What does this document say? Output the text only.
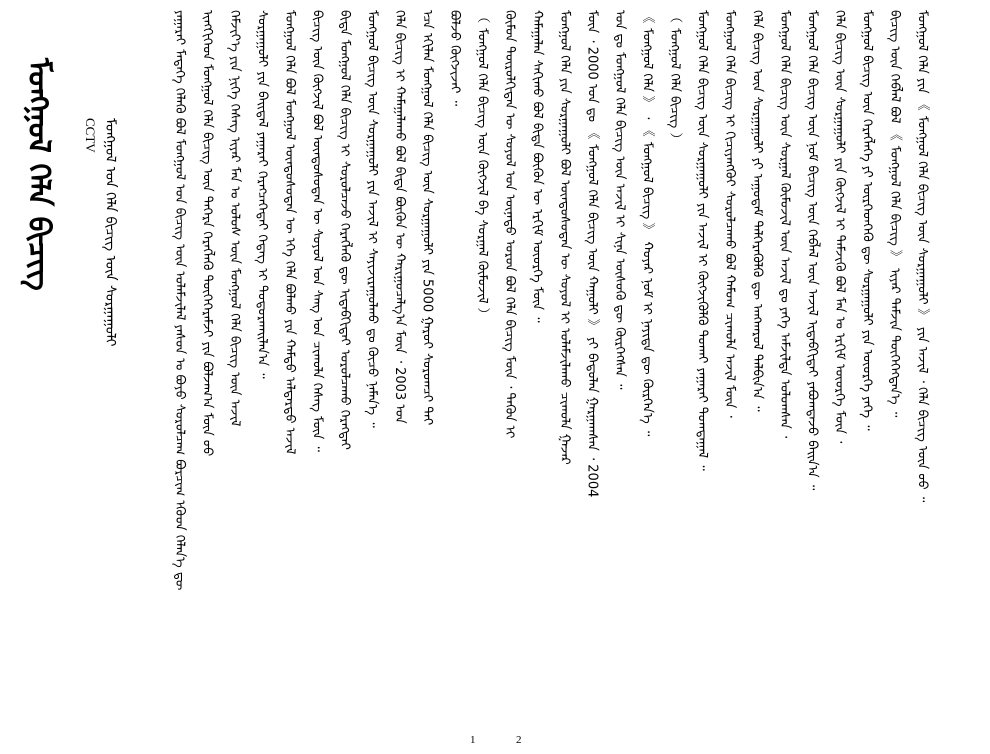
ᠮᠣᠩᠭᠣᠯ ᠬᠡᠯᠡ ᠪᠢᠴᠢᠭ CCTV ᠮᠣᠩᠭᠣᠯ ᠤᠨ ᠬᠡᠯᠡ ᠪᠢᠴᠢᠭ ᠦᠨ ᠰᠤᠷᠭᠠᠭᠤᠯᠢ	ᠶᠠᠭᠠᠷᠠᠢ ᠮᠡᠳᠡᠭᠡ ᠬᠡᠯᠡᠬᠦ ᠪᠣᠯ ᠮᠣᠩᠭᠣᠯ ᠤᠨ ᠪᠢᠴᠢᠭ ᠦᠨ ᠤᠯᠠᠮᠵᠢᠯᠠᠯ ᠶᠠᠰᠤᠨ ᠤ ᠪᠤᠶᠤ ᠰᠤᠷᠤᠯᠴᠠᠭ ᠪᠤᠷᠴᠢᠭ ᠡᠭᠦᠳ ᠬᠡᠯᠡᠨ᠎ᠡ ᠳᠦ ᠢᠨᠭᠬᠢᠭᠡᠳ ᠮᠣᠩᠭᠣᠯ ᠬᠡᠯᠡ ᠪᠢᠴᠢᠭ ᠦᠨ ᠳᠡᠭᠡᠷᠡ ᠬᠡᠷᠡᠭᠯᠡᠬᠦ ᠲᠥᠬᠡᠭᠡᠷᠡᠮᠵᠢ ᠶᠢᠨ ᠪᠣᠯᠵᠠᠭ᠎ᠠ ᠮᠥᠨ ᠤᠤ ᠬᠡᠮᠵᠢᠶ᠎ᠡ ᠶᠢᠨ ᠨᠢᠭᠡ ᠬᠡᠰᠡᠭ ᠢᠶᠡᠷ ᠮᠠᠨ ᠤ ᠤᠯᠤᠰ ᠦᠨ ᠮᠣᠩᠭᠣᠯ ᠬᠡᠯᠡ ᠪᠢᠴᠢᠭ ᠦᠨ ᠠᠵᠢᠯ ᠰᠤᠷᠭᠠᠭᠤᠯᠢ ᠶᠢᠨ ᠪᠠᠢᠳᠠᠯ ᠶᠠᠭᠠᠷᠠᠢ ᠬᠡᠷᠡᠭᠴᠡᠭᠡᠲᠡᠢ ᠭᠡᠳᠡᠭ ᠢ ᠲᠣᠳᠣᠷᠬᠠᠢᠯᠠᠨ᠎ᠠ ᠃ ᠮᠣᠩᠭᠣᠯ ᠬᠡᠯᠡ ᠪᠣᠯ ᠮᠣᠩᠭᠣᠯ ᠦᠨᠳᠦᠰᠦᠲᠡᠨ ᠦ ᠡᠬᠡ ᠬᠡᠯᠡ ᠪᠣᠯᠬᠤ ᠶᠢᠨ ᠬᠠᠮᠲᠤ ᠠᠯᠳᠠᠷᠲᠤ ᠠᠵᠢᠯ ᠪᠢᠴᠢᠭ ᠦᠨ ᠬᠥᠭᠵᠢᠯ ᠪᠣᠯ ᠦᠨᠳᠦᠰᠦᠲᠡᠨ ᠦ ᠰᠣᠶᠣᠯ ᠤᠨ ᠰᠠᠩ ᠤᠨ ᠴᠢᠬᠤᠯᠠ ᠬᠡᠰᠡᠭ ᠮᠥᠨ ᠃ ᠪᠢᠳᠡ ᠮᠣᠩᠭᠣᠯ ᠬᠡᠯᠡ ᠪᠢᠴᠢᠭ ᠢ ᠰᠤᠷᠤᠯᠴᠠᠵᠤ ᠬᠡᠷᠡᠭᠯᠡᠬᠦ ᠳᠦ ᠢᠳᠡᠪᠬᠢᠲᠡᠢ ᠣᠷᠣᠯᠴᠠᠬᠤ ᠬᠡᠷᠡᠭᠲᠡᠢ ᠮᠣᠩᠭᠣᠯ ᠪᠢᠴᠢᠭ ᠦᠨ ᠰᠤᠷᠭᠠᠭᠤᠯᠢ ᠶᠢᠨ ᠠᠵᠢᠯ ᠢ ᠰᠠᠶᠢᠵᠢᠷᠠᠭᠤᠯᠬᠤ ᠳᠤ ᠬᠦᠴᠦ ᠨᠡᠮᠡᠨ᠎ᠡ ᠃ ᠬᠡᠯᠡ ᠪᠢᠴᠢᠭ ᠢ ᠬᠠᠮᠠᠭᠠᠯᠠᠬᠤ ᠪᠣᠯ ᠪᠢᠳᠡ ᠪᠦᠬᠦᠨ ᠦ ᠬᠠᠷᠢᠭᠤᠴᠠᠯᠭ᠎ᠠ ᠮᠥᠨ ᠂ 2003 ᠣᠨ ᠡᠴᠡ ᠡᠬᠢᠯᠡᠨ ᠮᠣᠩᠭᠣᠯ ᠬᠡᠯᠡ ᠪᠢᠴᠢᠭ ᠦᠨ ᠰᠤᠷᠭᠠᠭᠤᠯᠢ ᠶᠢᠨ 5000 ᠭᠠᠷᠤᠢ ᠰᠤᠷᠤᠭᠴᠢ ᠲᠠᠢ ᠪᠣᠯᠵᠤ ᠬᠥᠭᠵᠢᠵᠡᠢ ᠃ （ ᠮᠣᠩᠭᠣᠯ ᠬᠡᠯᠡ ᠪᠢᠴᠢᠭ ᠦᠨ ᠬᠥᠭᠵᠢᠯ ᠪᠠ ᠰᠤᠷᠭᠠᠯ ᠬᠦᠮᠦᠵᠢᠯ ） ᠬᠦᠮᠦᠨ ᠲᠥᠷᠥᠯᠬᠢᠲᠡᠨ ᠦ ᠰᠣᠶᠣᠯ ᠤᠨ ᠦᠨᠡᠲᠦ ᠣᠷᠣᠨ ᠪᠣᠯ ᠬᠡᠯᠡ ᠪᠢᠴᠢᠭ ᠮᠥᠨ ᠂ ᠲᠡᠭᠦᠨ ᠢ ᠬᠠᠮᠠᠭᠠᠯᠠᠨ ᠰᠠᠬᠢᠬᠤ ᠪᠣᠯ ᠪᠢᠳᠡ ᠪᠦᠬᠦᠨ ᠦ ᠡᠷᠬᠢᠮ ᠦᠦᠷᠭᠡ ᠮᠥᠨ ᠃ ᠮᠣᠩᠭᠣᠯ ᠬᠡᠯᠡ ᠶᠢᠨ ᠰᠤᠷᠭᠠᠭᠤᠯᠢ ᠪᠣᠯ ᠦᠨᠳᠦᠰᠦᠲᠡᠨ ᠦ ᠰᠣᠶᠣᠯ ᠢ ᠤᠯᠠᠮᠵᠢᠯᠠᠬᠤ ᠴᠢᠬᠤᠯᠠ ᠭᠠᠵᠠᠷ ᠮᠥᠨ ᠂ 2000 ᠣᠨ ᠳᠤ 《 ᠮᠣᠩᠭᠣᠯ ᠬᠡᠯᠡ ᠪᠢᠴᠢᠭ ᠦᠨ ᠬᠠᠭᠤᠯᠢ 》 ᠶᠢ ᠪᠠᠲᠤᠯᠠᠨ ᠭᠠᠷᠭᠠᠭᠰᠠᠨ ᠂ 2004 ᠣᠨ ᠳᠤ ᠮᠣᠩᠭᠣᠯ ᠬᠡᠯᠡ ᠪᠢᠴᠢᠭ ᠦᠨ ᠠᠵᠢᠯ ᠢ ᠰᠢᠨᠡ ᠦᠰᠦᠭᠦ ᠳᠦ ᠬᠦᠷᠭᠡᠭᠰᠡᠨ ᠃ 《 ᠮᠣᠩᠭᠣᠯ ᠬᠡᠯᠡ 》 ᠂ 《 ᠮᠣᠩᠭᠣᠯ ᠪᠢᠴᠢᠭ 》 ᠬᠣᠶᠠᠷ ᠨᠣᠮ ᠢ ᠨᠡᠶᠢᠲᠡ ᠳᠦ ᠬᠦᠷᠭᠡᠨ᠎ᠡ ᠃ （ ᠮᠣᠩᠭᠣᠯ ᠬᠡᠯᠡ ᠪᠢᠴᠢᠭ ） ᠮᠣᠩᠭᠣᠯ ᠬᠡᠯᠡ ᠪᠢᠴᠢᠭ ᠦᠨ ᠰᠤᠷᠭᠠᠭᠤᠯᠢ ᠶᠢᠨ ᠠᠵᠢᠯ ᠢ ᠬᠥᠭᠵᠢᠭᠦᠯᠬᠦ ᠲᠤᠬᠠᠢ ᠶᠠᠭᠠᠷᠠᠢ ᠲᠣᠭᠲᠠᠭᠠᠯ ᠃ ᠮᠣᠩᠭᠣᠯ ᠬᠡᠯᠡ ᠪᠢᠴᠢᠭ ᠢ ᠬᠢᠴᠢᠶᠡᠩᠭᠦᠢ ᠰᠤᠷᠤᠯᠴᠠᠬᠤ ᠪᠣᠯ ᠬᠠᠮᠤᠭ ᠴᠢᠬᠤᠯᠠ ᠠᠵᠢᠯ ᠮᠥᠨ ᠂ ᠬᠡᠯᠡ ᠪᠢᠴᠢᠭ ᠦᠨ ᠰᠤᠷᠭᠠᠭᠤᠯᠢ ᠶᠢ ᠠᠭᠤᠳᠠᠮ ᠳᠡᠯᠭᠡᠷᠡᠭᠦᠯᠬᠦ ᠳᠦ ᠠᠩᠬᠠᠷᠤᠯ ᠲᠠᠯᠪᠢᠨ᠎ᠠ ᠃ ᠮᠣᠩᠭᠣᠯ ᠬᠡᠯᠡ ᠪᠢᠴᠢᠭ ᠦᠨ ᠰᠤᠷᠭᠠᠯ ᠬᠦᠮᠦᠵᠢᠯ ᠦᠨ ᠠᠵᠢᠯ ᠳᠤ ᠶᠡᠬᠡ ᠠᠮᠵᠢᠯᠲᠠ ᠣᠯᠤᠭᠰᠠᠨ ᠂ ᠮᠣᠩᠭᠣᠯ ᠬᠡᠯᠡ ᠪᠢᠴᠢᠭ ᠦᠨ ᠨᠣᠮ ᠪᠢᠴᠢᠭ ᠦᠨ ᠬᠡᠪᠯᠡᠯ ᠦᠨ ᠠᠵᠢᠯ ᠢᠳᠡᠪᠬᠢᠲᠡᠢ ᠶᠠᠪᠤᠭᠳᠠᠵᠤ ᠪᠠᠢᠨ᠎ᠠ ᠃ ᠬᠡᠯᠡ ᠪᠢᠴᠢᠭ ᠦᠨ ᠰᠤᠷᠭᠠᠭᠤᠯᠢ ᠶᠢᠨ ᠬᠥᠭᠵᠢᠯ ᠢ ᠳᠡᠮᠵᠢᠬᠦ ᠪᠣᠯ ᠮᠠᠨ ᠤ ᠡᠷᠬᠢᠮ ᠦᠦᠷᠭᠡ ᠮᠥᠨ ᠂ ᠮᠣᠩᠭᠣᠯ ᠪᠢᠴᠢᠭ ᠦᠨ ᠬᠡᠷᠡᠭᠯᠡᠭᠡ ᠶᠢ ᠥᠷᠭᠡᠳᠬᠡᠬᠦ ᠳᠦ ᠰᠤᠷᠭᠠᠭᠤᠯᠢ ᠶᠢᠨ ᠦᠦᠷᠭᠡ ᠶᠡᠬᠡ ᠃ ᠪᠢᠴᠢᠭ ᠦᠨ ᠬᠡᠪᠯᠡᠯ ᠪᠣᠯ 《 ᠮᠣᠩᠭᠣᠯ ᠬᠡᠯᠡ ᠪᠢᠴᠢᠭ 》 ᠢᠶᠡᠷ ᠳᠠᠮᠵᠢᠨ ᠲᠦᠭᠡᠭᠡᠭᠳᠡᠨ᠎ᠡ ᠃ ᠮᠣᠩᠭᠣᠯ ᠬᠡᠯᠡ ᠶᠢᠨ 《 ᠮᠣᠩᠭᠣᠯ ᠬᠡᠯᠡ ᠪᠢᠴᠢᠭ ᠦᠨ ᠰᠤᠷᠭᠠᠭᠤᠯᠢ 》 ᠶᠢᠨ ᠠᠵᠢᠯ ᠂ ᠬᠡᠯᠡ ᠪᠢᠴᠢᠭ ᠦᠨ ᠤᠤ ᠃
1	2
